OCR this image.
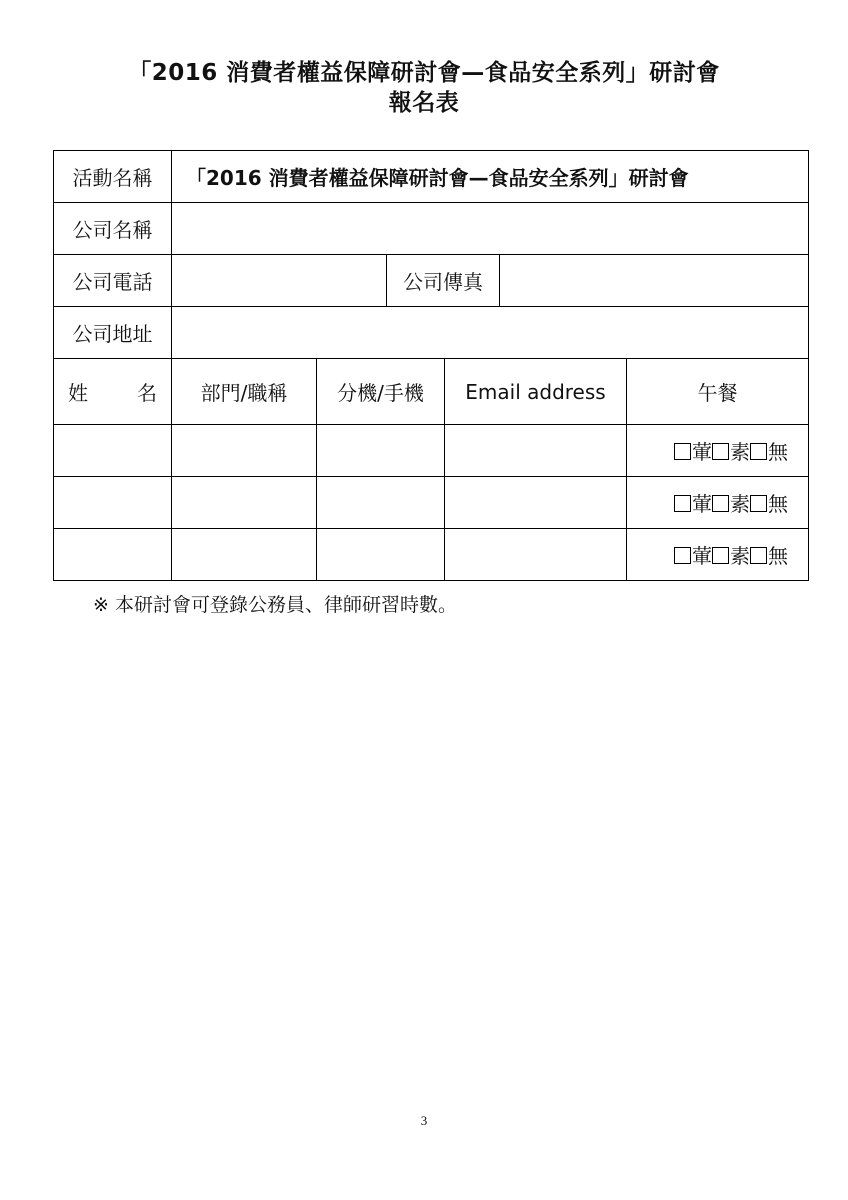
「2016 消費者權益保障研討會—食品安全系列」研討會
報名表
活動名稱	「2016 消費者權益保障研討會—食品安全系列」研討會					
公司名稱						
公司電話			公司傳真			
公司地址						
姓　名	部門/職稱	分機/手機		Email address		午餐
						葷 素 無
						葷 素 無
						葷 素 無
※ 本研討會可登錄公務員、律師研習時數。
3
